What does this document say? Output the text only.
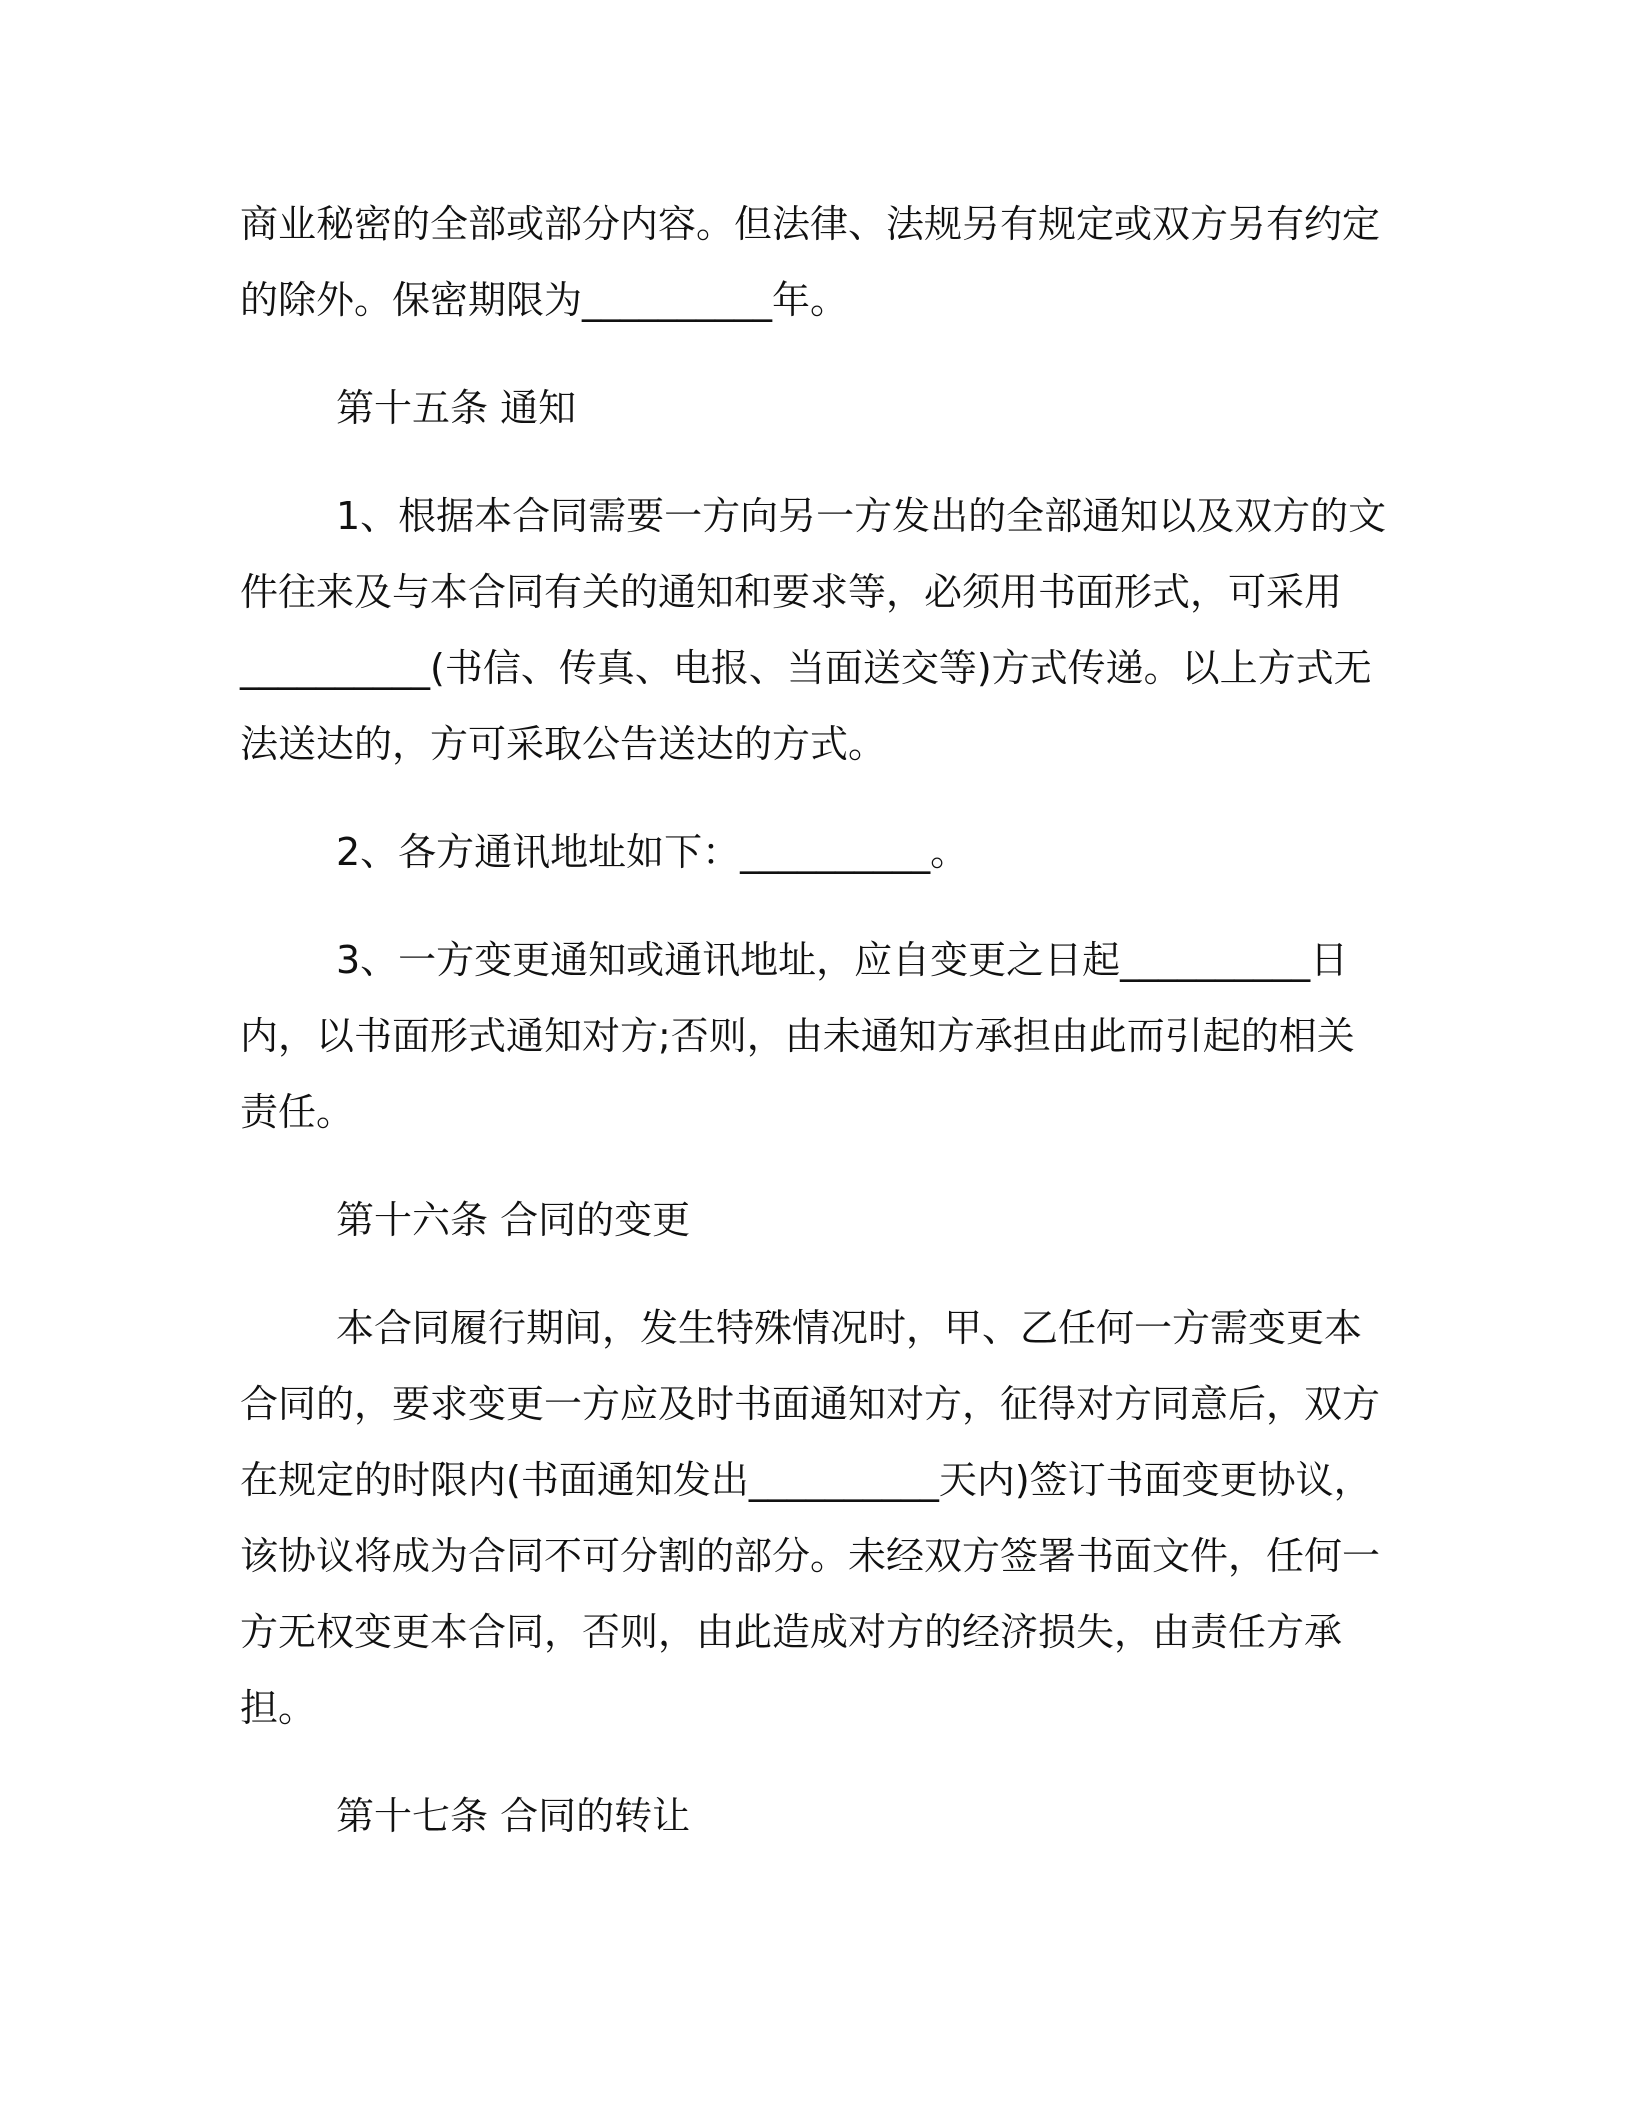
商业秘密的全部或部分内容。但法律、法规另有规定或双方另有约定的除外。保密期限为__________年。

第十五条 通知

1、根据本合同需要一方向另一方发出的全部通知以及双方的文件往来及与本合同有关的通知和要求等，必须用书面形式，可采用__________(书信、传真、电报、当面送交等)方式传递。以上方式无法送达的，方可采取公告送达的方式。

2、各方通讯地址如下：__________。

3、一方变更通知或通讯地址，应自变更之日起__________日内，以书面形式通知对方;否则，由未通知方承担由此而引起的相关责任。

第十六条 合同的变更

本合同履行期间，发生特殊情况时，甲、乙任何一方需变更本合同的，要求变更一方应及时书面通知对方，征得对方同意后，双方在规定的时限内(书面通知发出__________天内)签订书面变更协议，该协议将成为合同不可分割的部分。未经双方签署书面文件，任何一方无权变更本合同，否则，由此造成对方的经济损失，由责任方承担。

第十七条 合同的转让
